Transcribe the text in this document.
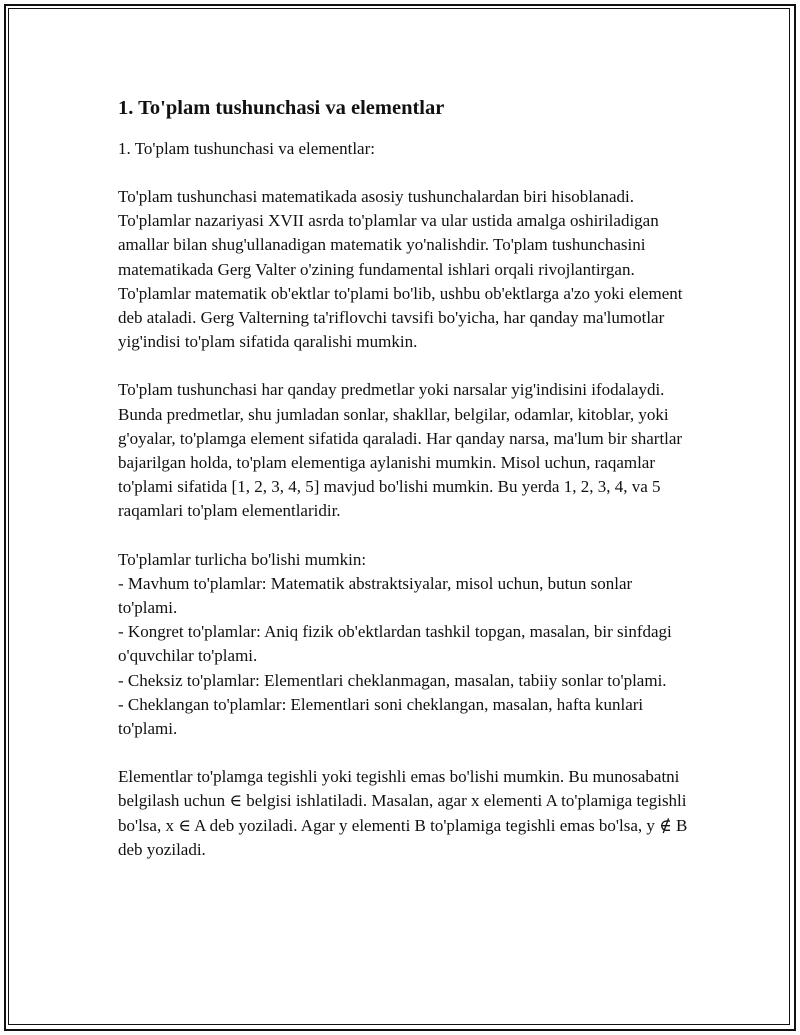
1. To'plam tushunchasi va elementlar
1. To'plam tushunchasi va elementlar:

To'plam tushunchasi matematikada asosiy tushunchalardan biri hisoblanadi. To'plamlar nazariyasi XVII asrda to'plamlar va ular ustida amalga oshiriladigan amallar bilan shug'ullanadigan matematik yo'nalishdir. To'plam tushunchasini matematikada Gerg Valter o'zining fundamental ishlari orqali rivojlantirgan. To'plamlar matematik ob'ektlar to'plami bo'lib, ushbu ob'ektlarga a'zo yoki element deb ataladi. Gerg Valterning ta'riflovchi tavsifi bo'yicha, har qanday ma'lumotlar yig'indisi to'plam sifatida qaralishi mumkin.

To'plam tushunchasi har qanday predmetlar yoki narsalar yig'indisini ifodalaydi. Bunda predmetlar, shu jumladan sonlar, shakllar, belgilar, odamlar, kitoblar, yoki g'oyalar, to'plamga element sifatida qaraladi. Har qanday narsa, ma'lum bir shartlar bajarilgan holda, to'plam elementiga aylanishi mumkin. Misol uchun, raqamlar to'plami sifatida [1, 2, 3, 4, 5] mavjud bo'lishi mumkin. Bu yerda 1, 2, 3, 4, va 5 raqamlari to'plam elementlaridir.

To'plamlar turlicha bo'lishi mumkin:
- Mavhum to'plamlar: Matematik abstraktsiyalar, misol uchun, butun sonlar to'plami.
- Kongret to'plamlar: Aniq fizik ob'ektlardan tashkil topgan, masalan, bir sinfdagi o'quvchilar to'plami.
- Cheksiz to'plamlar: Elementlari cheklanmagan, masalan, tabiiy sonlar to'plami.
- Cheklangan to'plamlar: Elementlari soni cheklangan, masalan, hafta kunlari to'plami.

Elementlar to'plamga tegishli yoki tegishli emas bo'lishi mumkin. Bu munosabatni belgilash uchun ∈ belgisi ishlatiladi. Masalan, agar x elementi A to'plamiga tegishli bo'lsa, x ∈ A deb yoziladi. Agar y elementi B to'plamiga tegishli emas bo'lsa, y ∉ B deb yoziladi.
